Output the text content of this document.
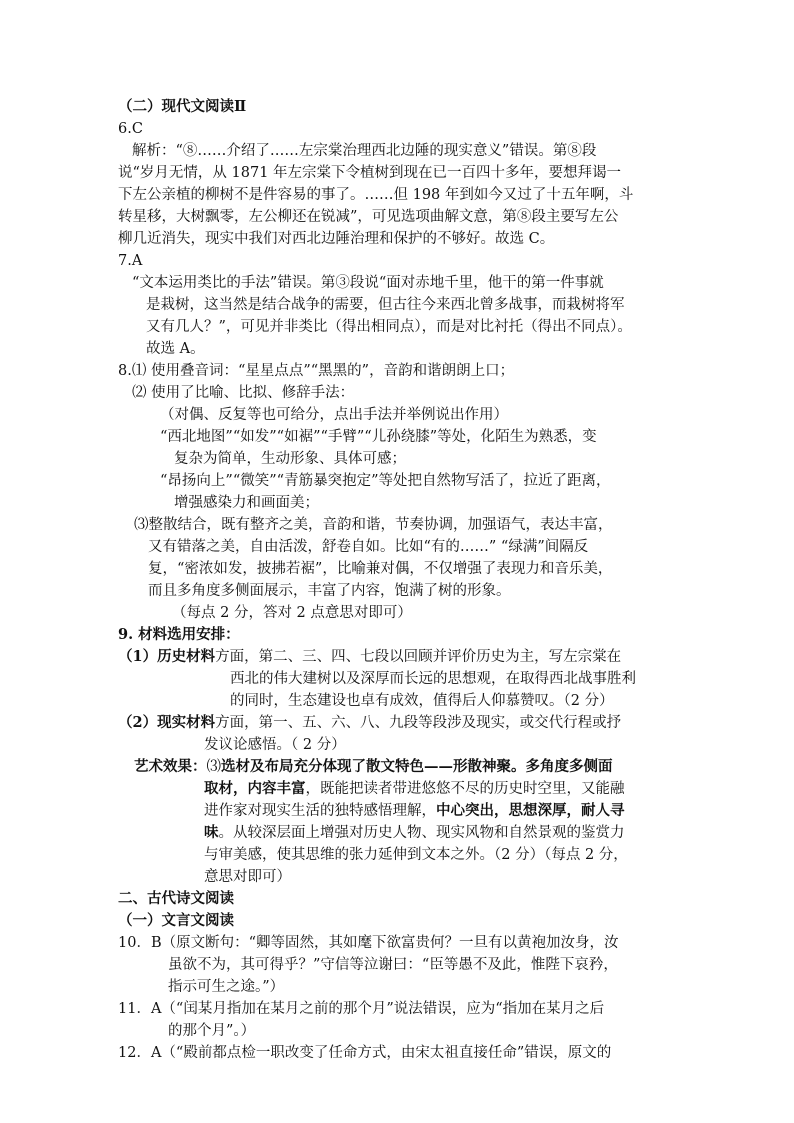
（二）现代文阅读Ⅱ
6.C
解析：“⑧……介绍了……左宗棠治理西北边陲的现实意义”错误。第⑧段
说“岁月无情，从 1871 年左宗棠下令植树到现在已一百四十多年，要想拜谒一
下左公亲植的柳树不是件容易的事了。……但 198 年到如今又过了十五年啊，斗
转星移，大树飘零，左公柳还在锐减”，可见选项曲解文意，第⑧段主要写左公
柳几近消失，现实中我们对西北边陲治理和保护的不够好。故选 C。
7.A
“文本运用类比的手法”错误。第③段说“面对赤地千里，他干的第一件事就
是栽树，这当然是结合战争的需要，但古往今来西北曾多战事，而栽树将军
又有几人？”，可见并非类比（得出相同点），而是对比衬托（得出不同点）。
故选 A。
8.⑴ 使用叠音词：“星星点点”“黑黑的”，音韵和谐朗朗上口；
⑵ 使用了比喻、比拟、修辞手法：
（对偶、反复等也可给分，点出手法并举例说出作用）
“西北地图”“如发”“如裾”“手臂”“儿孙绕膝”等处，化陌生为熟悉，变
复杂为简单，生动形象、具体可感；
“昂扬向上”“微笑”“青筋暴突抱定”等处把自然物写活了，拉近了距离，
增强感染力和画面美；
⑶整散结合，既有整齐之美，音韵和谐，节奏协调，加强语气，表达丰富，
又有错落之美，自由活泼，舒卷自如。比如“有的……” “绿满”间隔反
复，“密浓如发，披拂若裾”，比喻兼对偶，不仅增强了表现力和音乐美，
而且多角度多侧面展示，丰富了内容，饱满了树的形象。
（每点 2 分，答对 2 点意思对即可）
9. 材料选用安排：
（1）历史材料方面，第二、三、四、七段以回顾并评价历史为主，写左宗棠在
西北的伟大建树以及深厚而长远的思想观，在取得西北战事胜利
的同时，生态建设也卓有成效，值得后人仰慕赞叹。（2 分）
（2）现实材料方面，第一、五、六、八、九段等段涉及现实，或交代行程或抒
发议论感悟。（ 2 分）
艺术效果：⑶选材及布局充分体现了散文特色——形散神聚。多角度多侧面
取材，内容丰富，既能把读者带进悠悠不尽的历史时空里，又能融
进作家对现实生活的独特感悟理解，中心突出，思想深厚，耐人寻
味。从较深层面上增强对历史人物、现实风物和自然景观的鉴赏力
与审美感，使其思维的张力延伸到文本之外。（2 分）（每点 2 分，
意思对即可）
二、古代诗文阅读
（一）文言文阅读
10．B（原文断句：“卿等固然，其如麾下欲富贵何？一旦有以黄袍加汝身，汝
虽欲不为，其可得乎？”守信等泣谢曰：“臣等愚不及此，惟陛下哀矜，
指示可生之途。”）
11．A（“闰某月指加在某月之前的那个月”说法错误，应为“指加在某月之后
的那个月”。）
12．A（“殿前都点检一职改变了任命方式，由宋太祖直接任命”错误，原文的
